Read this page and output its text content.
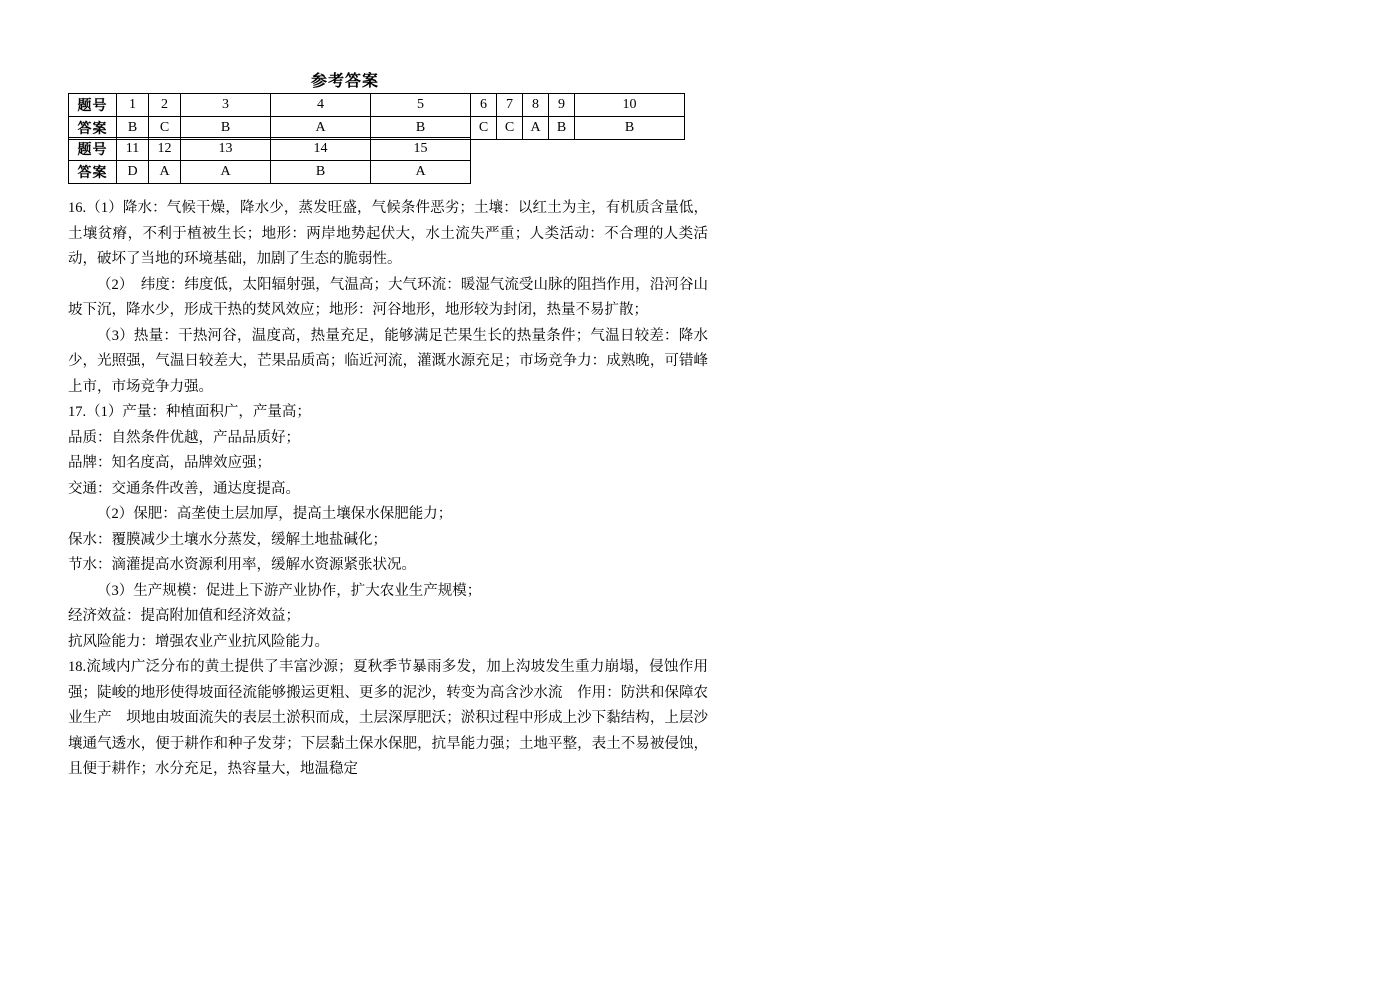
参考答案
题号	1	2	3	4	5	6	7	8	9	10
答案	B	C	B	A	B	C	C	A	B	B
题号	11	12	13	14	15
答案	D	A	A	B	A

16.（1）降水：气候干燥，降水少，蒸发旺盛，气候条件恶劣；土壤：以红土为主，有机质含量低，土壤贫瘠，不利于植被生长；地形：两岸地势起伏大，水土流失严重；人类活动：不合理的人类活动，破坏了当地的环境基础，加剧了生态的脆弱性。

（2）　纬度：纬度低，太阳辐射强，气温高；大气环流：暖湿气流受山脉的阻挡作用，沿河谷山坡下沉，降水少，形成干热的焚风效应；地形：河谷地形，地形较为封闭，热量不易扩散；

（3）热量：干热河谷，温度高，热量充足，能够满足芒果生长的热量条件；气温日较差：降水少，光照强，气温日较差大，芒果品质高；临近河流，灌溉水源充足；市场竞争力：成熟晚，可错峰上市，市场竞争力强。

17.（1）产量：种植面积广，产量高；

品质：自然条件优越，产品品质好；

品牌：知名度高，品牌效应强；

交通：交通条件改善，通达度提高。

（2）保肥：高垄使土层加厚，提高土壤保水保肥能力；

保水：覆膜减少土壤水分蒸发，缓解土地盐碱化；

节水：滴灌提高水资源利用率，缓解水资源紧张状况。

（3）生产规模：促进上下游产业协作，扩大农业生产规模；

经济效益：提高附加值和经济效益；

抗风险能力：增强农业产业抗风险能力。

18.流域内广泛分布的黄土提供了丰富沙源；夏秋季节暴雨多发，加上沟坡发生重力崩塌，侵蚀作用强；陡峻的地形使得坡面径流能够搬运更粗、更多的泥沙，转变为高含沙水流　作用：防洪和保障农业生产　坝地由坡面流失的表层土淤积而成，土层深厚肥沃；淤积过程中形成上沙下黏结构，上层沙壤通气透水，便于耕作和种子发芽；下层黏土保水保肥，抗旱能力强；土地平整，表土不易被侵蚀，且便于耕作；水分充足，热容量大，地温稳定
